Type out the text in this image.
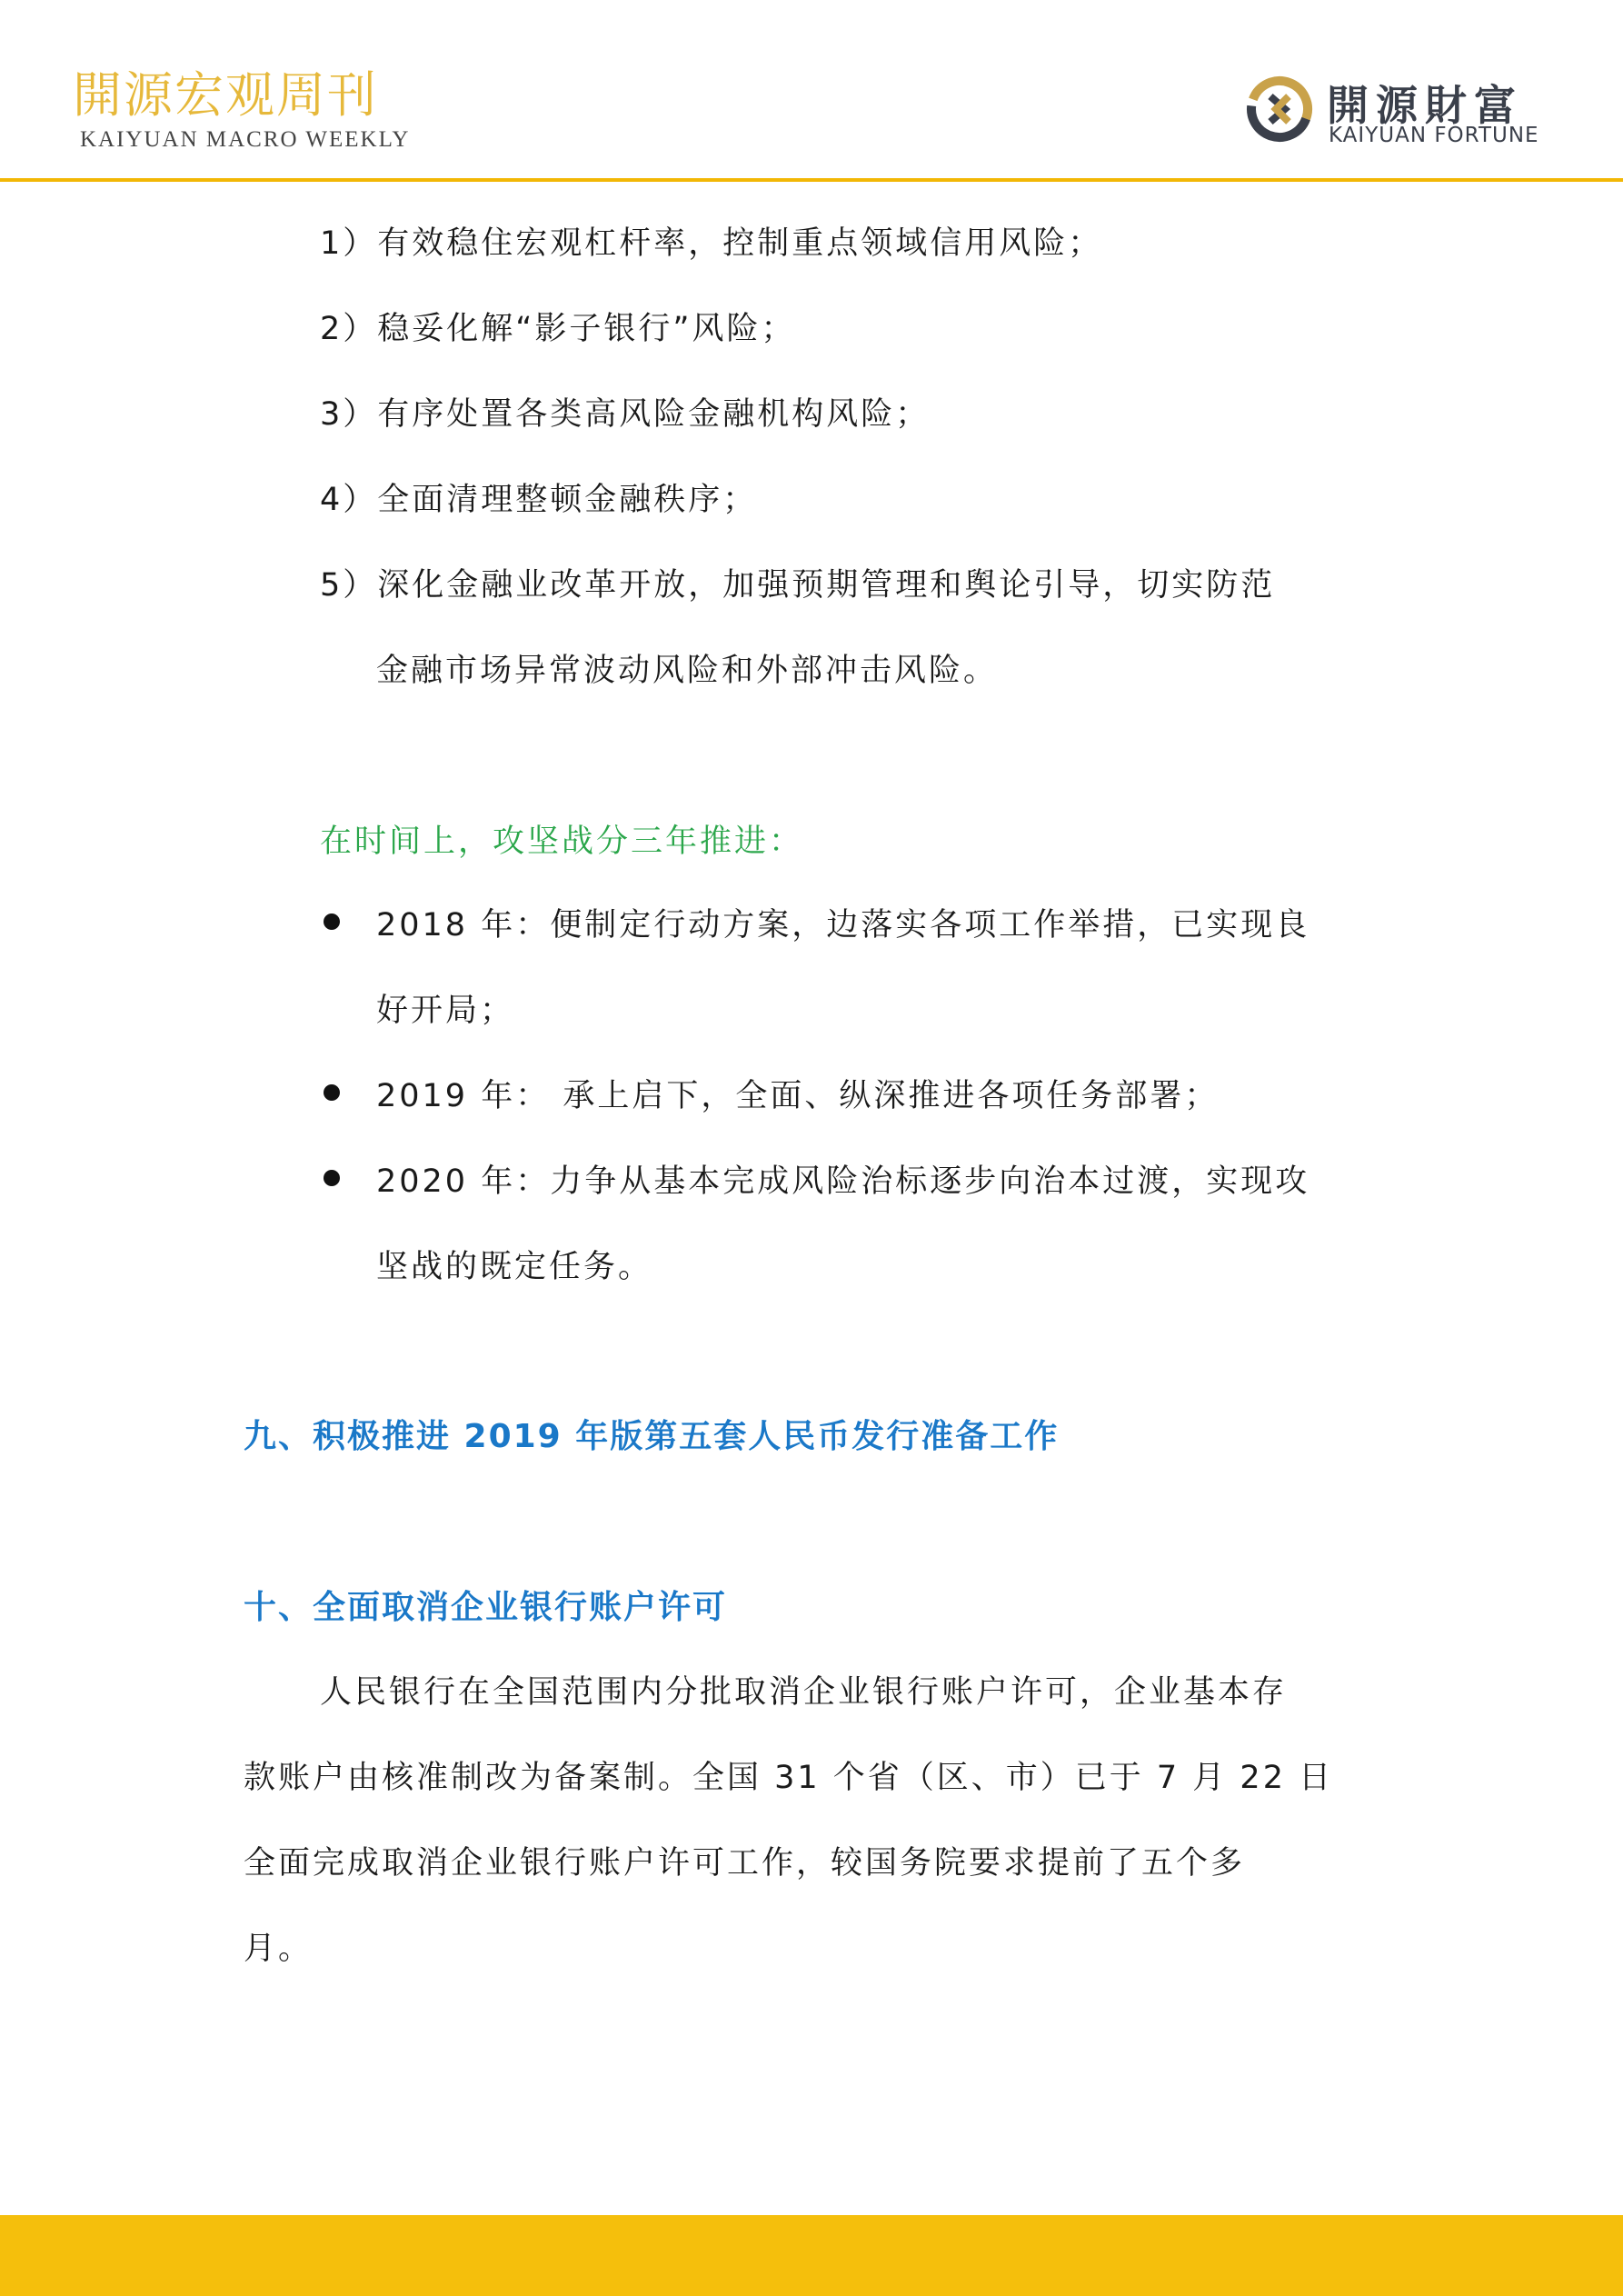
開源宏观周刊
KAIYUAN MACRO WEEKLY
開源財富
KAIYUAN FORTUNE
1）有效稳住宏观杠杆率，控制重点领域信用风险；
2）稳妥化解“影子银行”风险；
3）有序处置各类高风险金融机构风险；
4）全面清理整顿金融秩序；
5）深化金融业改革开放，加强预期管理和舆论引导，切实防范
金融市场异常波动风险和外部冲击风险。
在时间上，攻坚战分三年推进：
2018 年：便制定行动方案，边落实各项工作举措，已实现良
好开局；
2019 年： 承上启下，全面、纵深推进各项任务部署；
2020 年：力争从基本完成风险治标逐步向治本过渡，实现攻
坚战的既定任务。
九、积极推进 2019 年版第五套人民币发行准备工作
十、全面取消企业银行账户许可
人民银行在全国范围内分批取消企业银行账户许可，企业基本存
款账户由核准制改为备案制。全国 31 个省（区、市）已于 7 月 22 日
全面完成取消企业银行账户许可工作，较国务院要求提前了五个多
月。
